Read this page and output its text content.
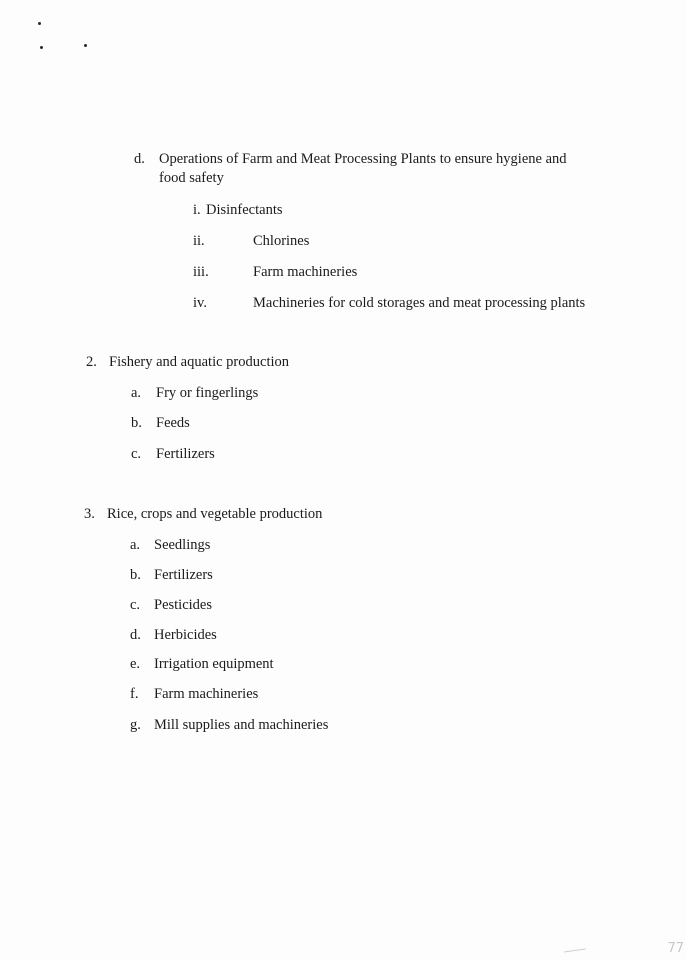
d. Operations of Farm and Meat Processing Plants to ensure hygiene and
food safety
i. Disinfectants
ii.	Chlorines
iii.	Farm machineries
iv.	Machineries for cold storages and meat processing plants
2. Fishery and aquatic production
a. Fry or fingerlings
b. Feeds
c. Fertilizers
3. Rice, crops and vegetable production
a. Seedlings
b. Fertilizers
c. Pesticides
d. Herbicides
e. Irrigation equipment
f. Farm machineries
g. Mill supplies and machineries
77
